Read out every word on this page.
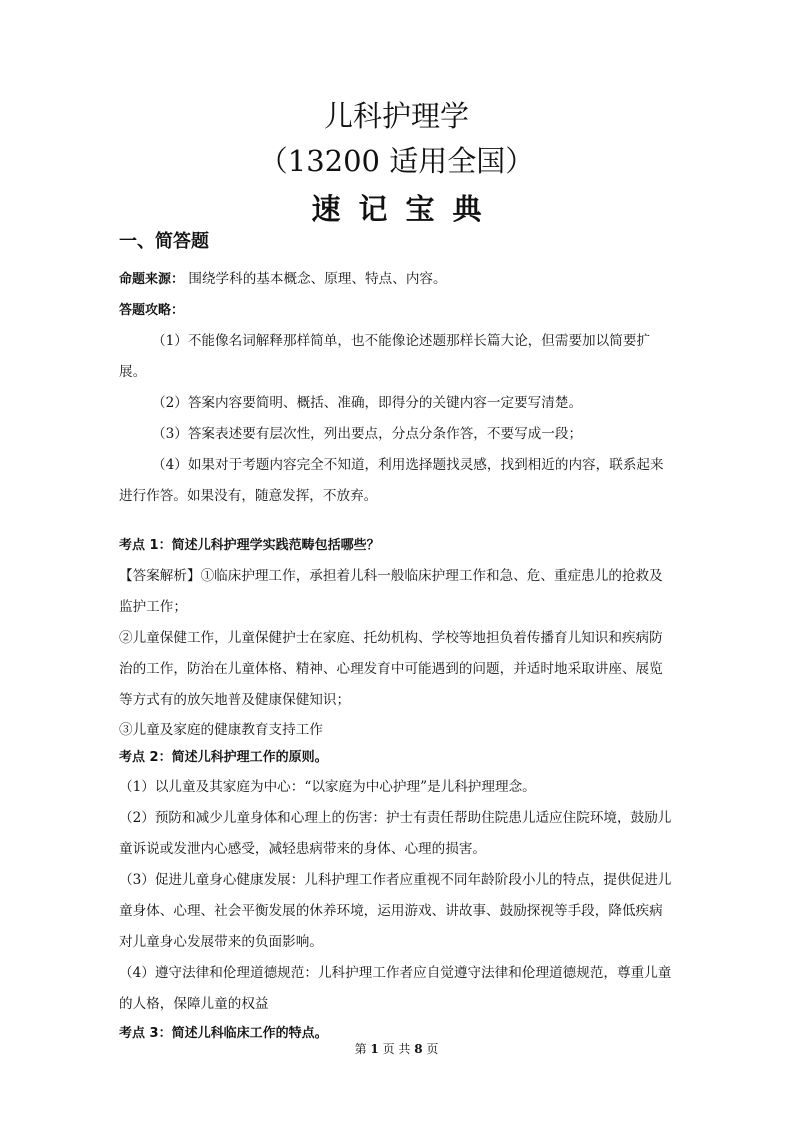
儿科护理学
（13200 适用全国）
速记宝典
一、简答题

命题来源： 围绕学科的基本概念、原理、特点、内容。

答题攻略：

（1）不能像名词解释那样简单，也不能像论述题那样长篇大论，但需要加以简要扩展。

（2）答案内容要简明、概括、准确，即得分的关键内容一定要写清楚。

（3）答案表述要有层次性，列出要点，分点分条作答，不要写成一段；

（4）如果对于考题内容完全不知道，利用选择题找灵感，找到相近的内容，联系起来进行作答。如果没有，随意发挥，不放弃。

考点 1：简述儿科护理学实践范畴包括哪些？

【答案解析】①临床护理工作，承担着儿科一般临床护理工作和急、危、重症患儿的抢救及监护工作；

②儿童保健工作，儿童保健护士在家庭、托幼机构、学校等地担负着传播育儿知识和疾病防治的工作，防治在儿童体格、精神、心理发育中可能遇到的问题，并适时地采取讲座、展览等方式有的放矢地普及健康保健知识；

③儿童及家庭的健康教育支持工作

考点 2：简述儿科护理工作的原则。

（1）以儿童及其家庭为中心：“以家庭为中心护理”是儿科护理理念。

（2）预防和减少儿童身体和心理上的伤害：护士有责任帮助住院患儿适应住院环境，鼓励儿童诉说或发泄内心感受，减轻患病带来的身体、心理的损害。

（3）促进儿童身心健康发展：儿科护理工作者应重视不同年龄阶段小儿的特点，提供促进儿童身体、心理、社会平衡发展的休养环境，运用游戏、讲故事、鼓励探视等手段，降低疾病对儿童身心发展带来的负面影响。

（4）遵守法律和伦理道德规范：儿科护理工作者应自觉遵守法律和伦理道德规范，尊重儿童的人格，保障儿童的权益

考点 3：简述儿科临床工作的特点。

第 1 页 共 8 页
